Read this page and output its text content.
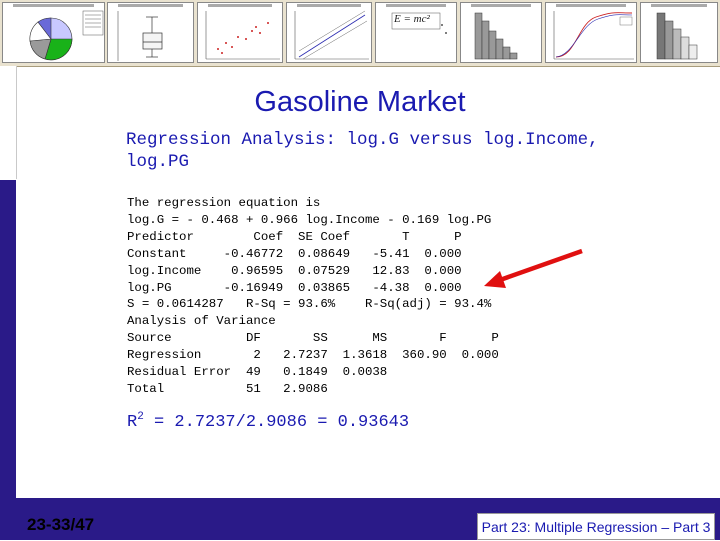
E = mc²
Gasoline Market
Regression Analysis: log.G versus log.Income, log.PG
The regression equation is
log.G = - 0.468 + 0.966 log.Income - 0.169 log.PG
Predictor        Coef  SE Coef       T      P
Constant     -0.46772  0.08649   -5.41  0.000
log.Income    0.96595  0.07529   12.83  0.000
log.PG       -0.16949  0.03865   -4.38  0.000
S = 0.0614287   R-Sq = 93.6%    R-Sq(adj) = 93.4%
Analysis of Variance
Source          DF       SS      MS       F      P
Regression       2   2.7237  1.3618  360.90  0.000
Residual Error  49   0.1849  0.0038
Total           51   2.9086
$R^2 = 2.7237/2.9086 = 0.93643$
23-33/47	Part 23: Multiple Regression – Part 3
